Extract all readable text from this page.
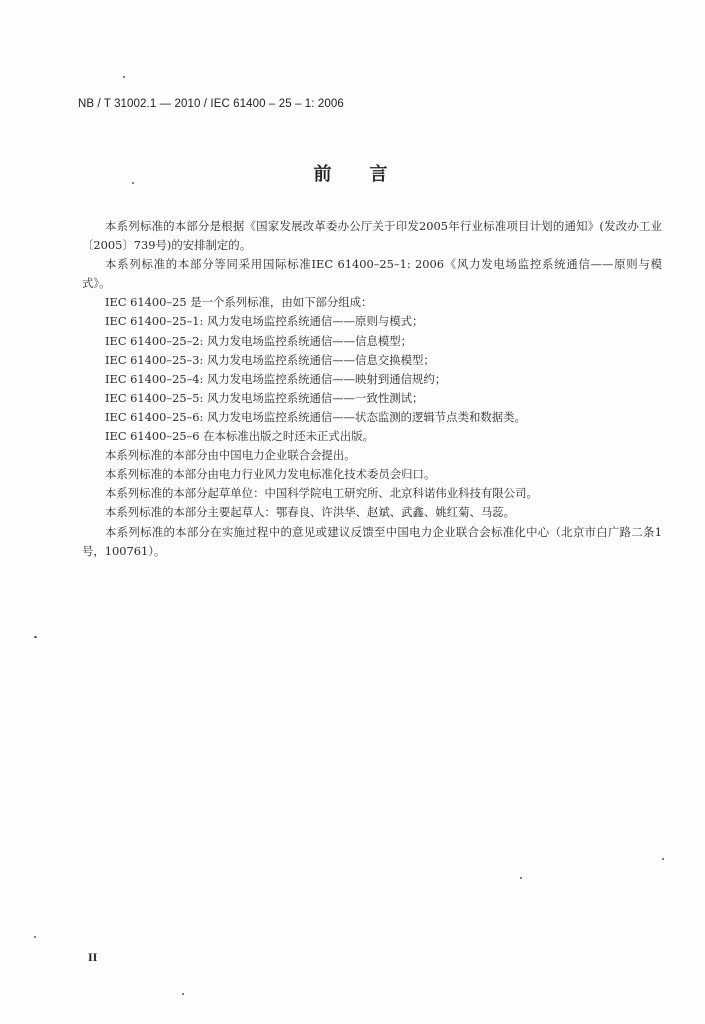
NB / T 31002.1 — 2010 / IEC 61400 – 25 – 1: 2006
前言

本系列标准的本部分是根据《国家发展改革委办公厅关于印发2005年行业标准项目计划的通知》(发改办工业〔2005〕739号)的安排制定的。

本系列标准的本部分等同采用国际标准IEC 61400–25–1: 2006《风力发电场监控系统通信——原则与模式》。

IEC 61400–25 是一个系列标准，由如下部分组成：

IEC 61400–25–1: 风力发电场监控系统通信——原则与模式；

IEC 61400–25–2: 风力发电场监控系统通信——信息模型；

IEC 61400–25–3: 风力发电场监控系统通信——信息交换模型；

IEC 61400–25–4: 风力发电场监控系统通信——映射到通信规约；

IEC 61400–25–5: 风力发电场监控系统通信——一致性测试；

IEC 61400–25–6: 风力发电场监控系统通信——状态监测的逻辑节点类和数据类。

IEC 61400–25–6 在本标准出版之时还未正式出版。

本系列标准的本部分由中国电力企业联合会提出。

本系列标准的本部分由电力行业风力发电标准化技术委员会归口。

本系列标准的本部分起草单位：中国科学院电工研究所、北京科诺伟业科技有限公司。

本系列标准的本部分主要起草人：鄂春良、许洪华、赵斌、武鑫、姚红菊、马蕊。

本系列标准的本部分在实施过程中的意见或建议反馈至中国电力企业联合会标准化中心（北京市白广路二条1号，100761）。

II
